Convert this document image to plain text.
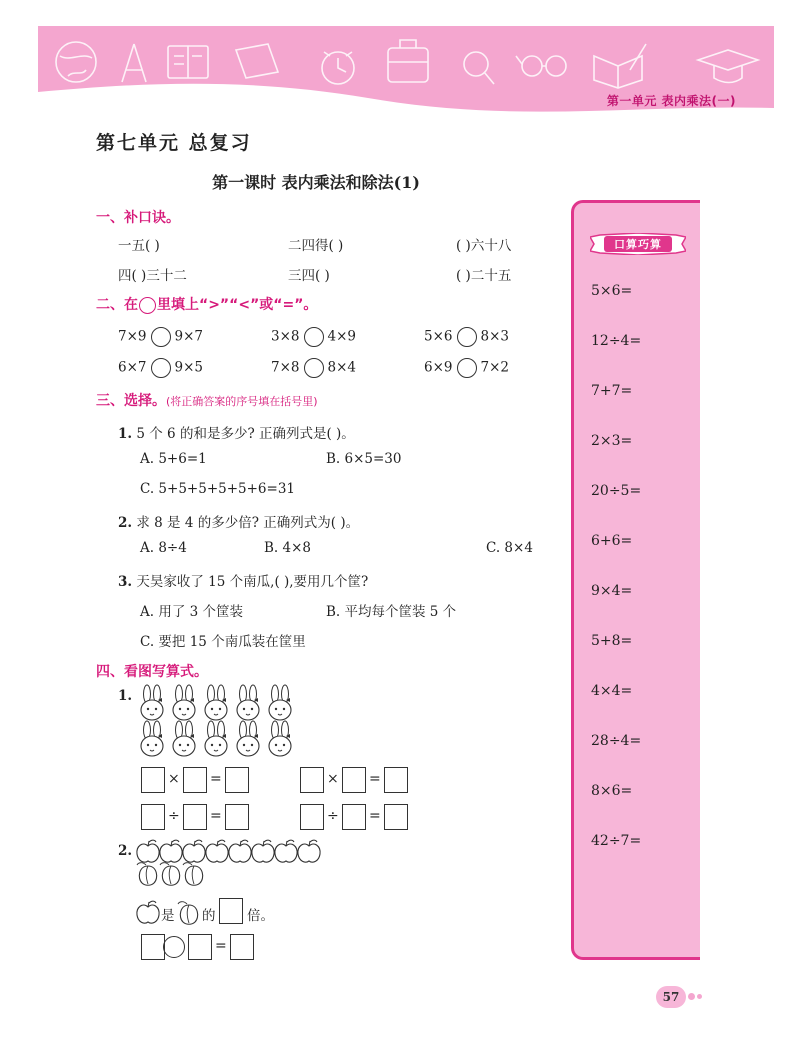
第一单元 表内乘法(一)
第七单元 总复习
第一课时 表内乘法和除法(1)
一、补口诀。
一五( )	二四得( )	( )六十八
四( )三十二	三四( )	( )二十五
二、在 里填上“>”“<”或“=”。
7×9 9×7	3×8 4×9	5×6 8×3
6×7 9×5	7×8 8×4	6×9 7×2
三、选择。(将正确答案的序号填在括号里)
1. 5 个 6 的和是多少? 正确列式是( )。
A. 5+6=1	B. 6×5=30
C. 5+5+5+5+5+6=31
2. 求 8 是 4 的多少倍? 正确列式为( )。
A. 8÷4	B. 4×8	C. 8×4
3. 天昊家收了 15 个南瓜,( ),要用几个筐?
A. 用了 3 个筐装	B. 平均每个筐装 5 个
C. 要把 15 个南瓜装在筐里
四、看图写算式。
1.
× =	× =
÷ =	÷ =
2.
是 的 倍。
=
口算巧算
5×6=
12÷4=
7+7=
2×3=
20÷5=
6+6=
9×4=
5+8=
4×4=
28÷4=
8×6=
42÷7=
57
